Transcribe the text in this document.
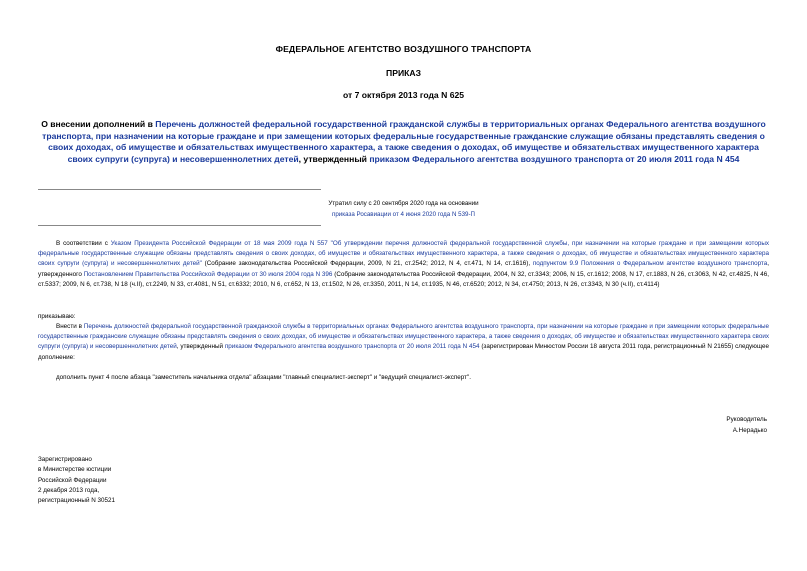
ФЕДЕРАЛЬНОЕ АГЕНТСТВО ВОЗДУШНОГО ТРАНСПОРТА
ПРИКАЗ
от 7 октября 2013 года N 625
О внесении дополнений в Перечень должностей федеральной государственной гражданской службы в территориальных органах Федерального агентства воздушного транспорта, при назначении на которые граждане и при замещении которых федеральные государственные гражданские служащие обязаны представлять сведения о своих доходах, об имуществе и обязательствах имущественного характера, а также сведения о доходах, об имуществе и обязательствах имущественного характера своих супруги (супруга) и несовершеннолетних детей, утвержденный приказом Федерального агентства воздушного транспорта от 20 июля 2011 года N 454
Утратил силу с 20 сентября 2020 года на основании
приказа Росавиации от 4 июня 2020 года N 539-П
В соответствии с Указом Президента Российской Федерации от 18 мая 2009 года N 557 "Об утверждении перечня должностей федеральной государственной службы, при назначении на которые граждане и при замещении которых федеральные государственные служащие обязаны представлять сведения о своих доходах, об имуществе и обязательствах имущественного характера, а также сведения о доходах, об имуществе и обязательствах имущественного характера своих супруги (супруга) и несовершеннолетних детей" (Собрание законодательства Российской Федерации, 2009, N 21, ст.2542; 2012, N 4, ст.471, N 14, ст.1616), подпунктом 9.9 Положения о Федеральном агентстве воздушного транспорта, утвержденного Постановлением Правительства Российской Федерации от 30 июля 2004 года N 396 (Собрание законодательства Российской Федерации, 2004, N 32, ст.3343; 2006, N 15, ст.1612; 2008, N 17, ст.1883, N 26, ст.3063, N 42, ст.4825, N 46, ст.5337; 2009, N 6, ст.738, N 18 (ч.II), ст.2249, N 33, ст.4081, N 51, ст.6332; 2010, N 6, ст.652, N 13, ст.1502, N 26, ст.3350, 2011, N 14, ст.1935, N 46, ст.6520; 2012, N 34, ст.4750; 2013, N 26, ст.3343, N 30 (ч.II), ст.4114)
приказываю:
Внести в Перечень должностей федеральной государственной гражданской службы в территориальных органах Федерального агентства воздушного транспорта, при назначении на которые граждане и при замещении которых федеральные государственные гражданские служащие обязаны представлять сведения о своих доходах, об имуществе и обязательствах имущественного характера, а также сведения о доходах, об имуществе и обязательствах имущественного характера своих супруги (супруга) и несовершеннолетних детей, утвержденный приказом Федерального агентства воздушного транспорта от 20 июля 2011 года N 454 (зарегистрирован Минюстом России 18 августа 2011 года, регистрационный N 21655) следующее дополнение:
дополнить пункт 4 после абзаца "заместитель начальника отдела" абзацами "главный специалист-эксперт" и "ведущий специалист-эксперт".
Руководитель
А.Нерадько
Зарегистрировано
в Министерстве юстиции
Российской Федерации
2 декабря 2013 года,
регистрационный N 30521
